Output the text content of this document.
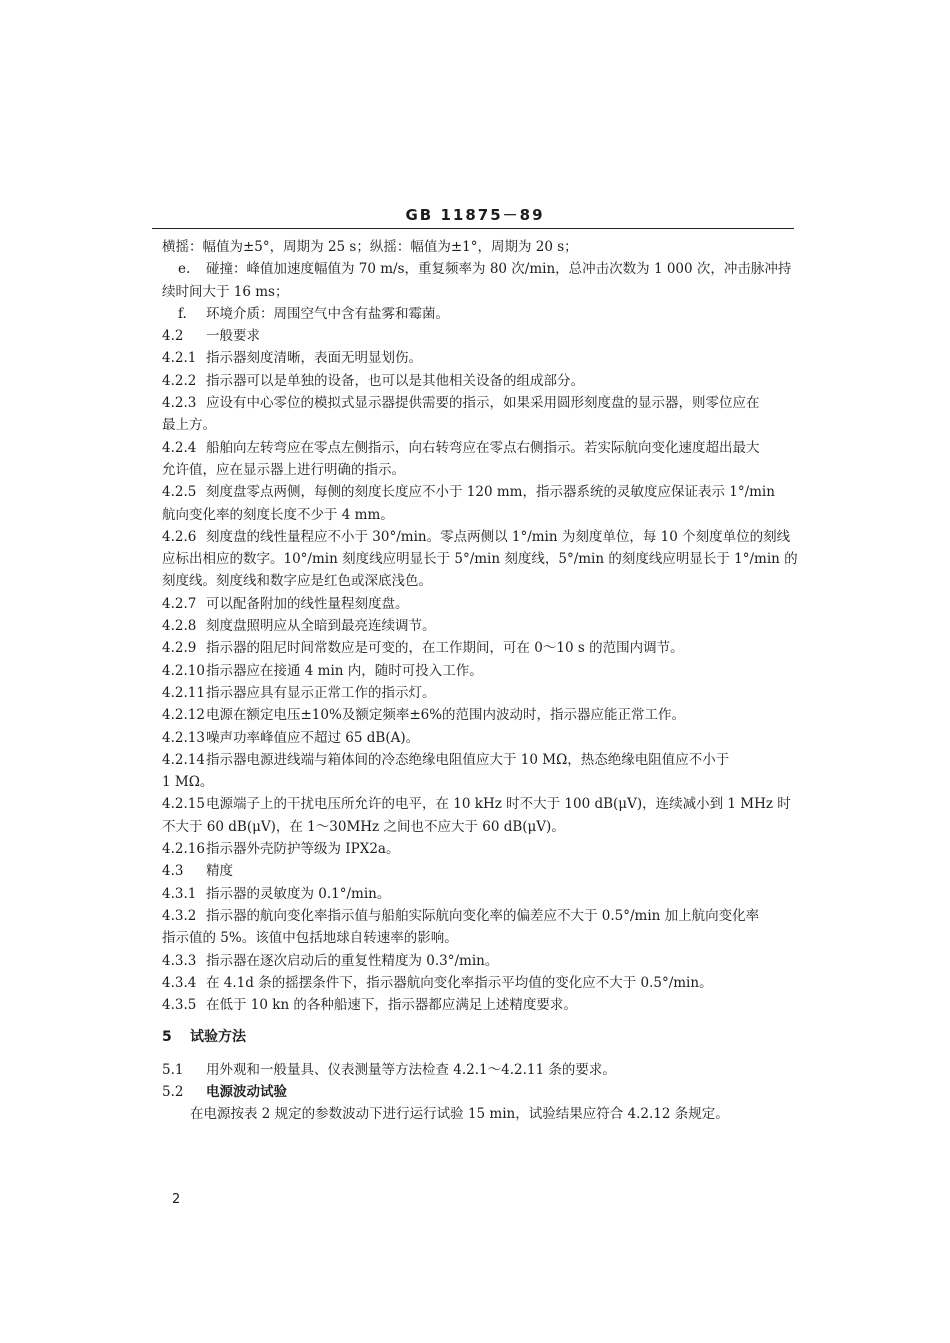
GB 11875－89
横摇：幅值为±5°，周期为 25 s；纵摇：幅值为±1°，周期为 20 s；
e. 碰撞：峰值加速度幅值为 70 m/s，重复频率为 80 次/min，总冲击次数为 1 000 次，冲击脉冲持
续时间大于 16 ms；
f. 环境介质：周围空气中含有盐雾和霉菌。
4.2 一般要求
4.2.1 指示器刻度清晰，表面无明显划伤。
4.2.2 指示器可以是单独的设备，也可以是其他相关设备的组成部分。
4.2.3 应设有中心零位的模拟式显示器提供需要的指示，如果采用圆形刻度盘的显示器，则零位应在
最上方。
4.2.4 船舶向左转弯应在零点左侧指示，向右转弯应在零点右侧指示。若实际航向变化速度超出最大
允许值，应在显示器上进行明确的指示。
4.2.5 刻度盘零点两侧，每侧的刻度长度应不小于 120 mm，指示器系统的灵敏度应保证表示 1°/min
航向变化率的刻度长度不少于 4 mm。
4.2.6 刻度盘的线性量程应不小于 30°/min。零点两侧以 1°/min 为刻度单位，每 10 个刻度单位的刻线
应标出相应的数字。10°/min 刻度线应明显长于 5°/min 刻度线，5°/min 的刻度线应明显长于 1°/min 的
刻度线。刻度线和数字应是红色或深底浅色。
4.2.7 可以配备附加的线性量程刻度盘。
4.2.8 刻度盘照明应从全暗到最亮连续调节。
4.2.9 指示器的阻尼时间常数应是可变的，在工作期间，可在 0～10 s 的范围内调节。
4.2.10指示器应在接通 4 min 内，随时可投入工作。
4.2.11指示器应具有显示正常工作的指示灯。
4.2.12电源在额定电压±10%及额定频率±6%的范围内波动时，指示器应能正常工作。
4.2.13噪声功率峰值应不超过 65 dB(A)。
4.2.14指示器电源进线端与箱体间的冷态绝缘电阻值应大于 10 MΩ，热态绝缘电阻值应不小于
1 MΩ。
4.2.15电源端子上的干扰电压所允许的电平，在 10 kHz 时不大于 100 dB(μV)，连续减小到 1 MHz 时
不大于 60 dB(μV)，在 1～30MHz 之间也不应大于 60 dB(μV)。
4.2.16指示器外壳防护等级为 IPX2a。
4.3 精度
4.3.1 指示器的灵敏度为 0.1°/min。
4.3.2 指示器的航向变化率指示值与船舶实际航向变化率的偏差应不大于 0.5°/min 加上航向变化率
指示值的 5%。该值中包括地球自转速率的影响。
4.3.3 指示器在逐次启动后的重复性精度为 0.3°/min。
4.3.4 在 4.1d 条的摇摆条件下，指示器航向变化率指示平均值的变化应不大于 0.5°/min。
4.3.5 在低于 10 kn 的各种船速下，指示器都应满足上述精度要求。
5 试验方法
5.1 用外观和一般量具、仪表测量等方法检查 4.2.1～4.2.11 条的要求。
5.2 电源波动试验
在电源按表 2 规定的参数波动下进行运行试验 15 min，试验结果应符合 4.2.12 条规定。
2
